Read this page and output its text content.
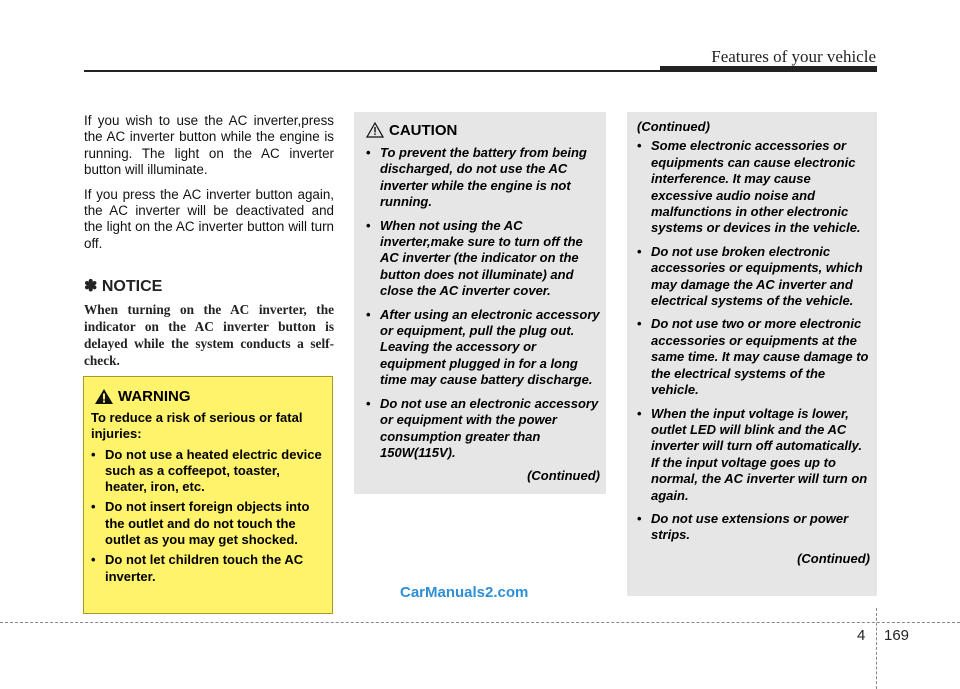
Features of your vehicle

If you wish to use the AC inverter,press the AC inverter button while the engine is running. The light on the AC inverter button will illuminate.

If you press the AC inverter button again, the AC inverter will be deactivated and the light on the AC inverter button will turn off.

✽ NOTICE
When turning on the AC inverter, the indicator on the AC inverter button is delayed while the system conducts a self-check.
WARNING
To reduce a risk of serious or fatal injuries:
• Do not use a heated electric device such as a coffeepot, toaster, heater, iron, etc.
• Do not insert foreign objects into the outlet and do not touch the outlet as you may get shocked.
• Do not let children touch the AC inverter.
CAUTION
• To prevent the battery from being discharged, do not use the AC inverter while the engine is not running.
• When not using the AC inverter,make sure to turn off the AC inverter (the indicator on the button does not illuminate) and close the AC inverter cover.
• After using an electronic accessory or equipment, pull the plug out. Leaving the accessory or equipment plugged in for a long time may cause battery discharge.
• Do not use an electronic accessory or equipment with the power consumption greater than 150W(115V).
(Continued)
(Continued)
• Some electronic accessories or equipments can cause electronic interference. It may cause excessive audio noise and malfunctions in other electronic systems or devices in the vehicle.
• Do not use broken electronic accessories or equipments, which may damage the AC inverter and electrical systems of the vehicle.
• Do not use two or more electronic accessories or equipments at the same time. It may cause damage to the electrical systems of the vehicle.
• When the input voltage is lower, outlet LED will blink and the AC inverter will turn off automatically. If the input voltage goes up to normal, the AC inverter will turn on again.
• Do not use extensions or power strips.
(Continued)
CarManuals2.com
4 169
